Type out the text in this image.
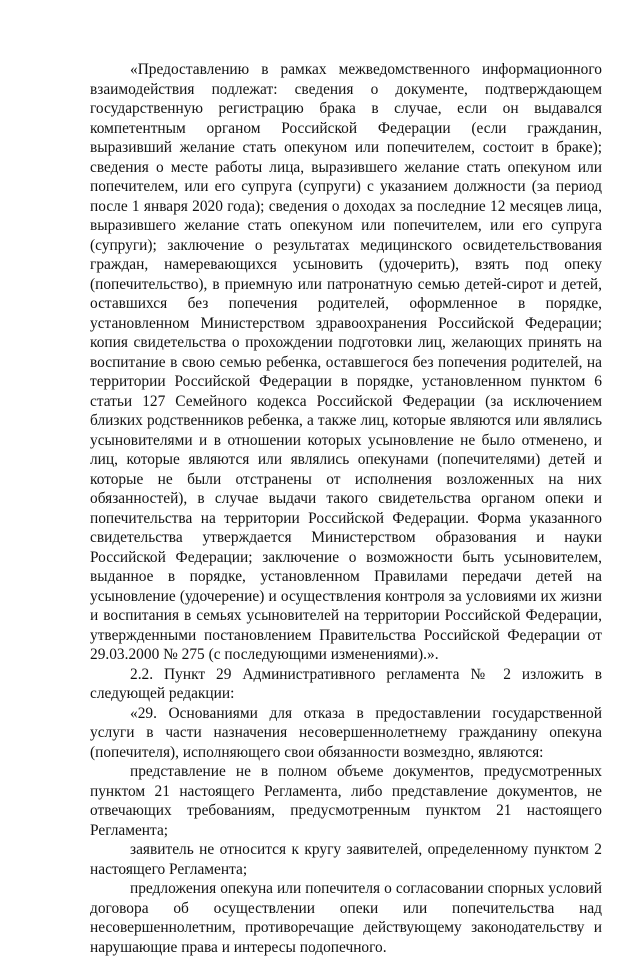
«Предоставлению в рамках межведомственного информационного взаимодействия подлежат: сведения о документе, подтверждающем государственную регистрацию брака в случае, если он выдавался компетентным органом Российской Федерации (если гражданин, выразивший желание стать опекуном или попечителем, состоит в браке); сведения о месте работы лица, выразившего желание стать опекуном или попечителем, или его супруга (супруги) с указанием должности (за период после 1 января 2020 года); сведения о доходах за последние 12 месяцев лица, выразившего желание стать опекуном или попечителем, или его супруга (супруги); заключение о результатах медицинского освидетельствования граждан, намеревающихся усыновить (удочерить), взять под опеку (попечительство), в приемную или патронатную семью детей-сирот и детей, оставшихся без попечения родителей, оформленное в порядке, установленном Министерством здравоохранения Российской Федерации; копия свидетельства о прохождении подготовки лиц, желающих принять на воспитание в свою семью ребенка, оставшегося без попечения родителей, на территории Российской Федерации в порядке, установленном пунктом 6 статьи 127 Семейного кодекса Российской Федерации (за исключением близких родственников ребенка, а также лиц, которые являются или являлись усыновителями и в отношении которых усыновление не было отменено, и лиц, которые являются или являлись опекунами (попечителями) детей и которые не были отстранены от исполнения возложенных на них обязанностей), в случае выдачи такого свидетельства органом опеки и попечительства на территории Российской Федерации. Форма указанного свидетельства утверждается Министерством образования и науки Российской Федерации; заключение о возможности быть усыновителем, выданное в порядке, установленном Правилами передачи детей на усыновление (удочерение) и осуществления контроля за условиями их жизни и воспитания в семьях усыновителей на территории Российской Федерации, утвержденными постановлением Правительства Российской Федерации от 29.03.2000 № 275 (с последующими изменениями).».

2.2. Пункт 29 Административного регламента № 2 изложить в следующей редакции:

«29. Основаниями для отказа в предоставлении государственной услуги в части назначения несовершеннолетнему гражданину опекуна (попечителя), исполняющего свои обязанности возмездно, являются:

представление не в полном объеме документов, предусмотренных пунктом 21 настоящего Регламента, либо представление документов, не отвечающих требованиям, предусмотренным пунктом 21 настоящего Регламента;

заявитель не относится к кругу заявителей, определенному пунктом 2 настоящего Регламента;

предложения опекуна или попечителя о согласовании спорных условий договора об осуществлении опеки или попечительства над несовершеннолетним, противоречащие действующему законодательству и нарушающие права и интересы подопечного.
